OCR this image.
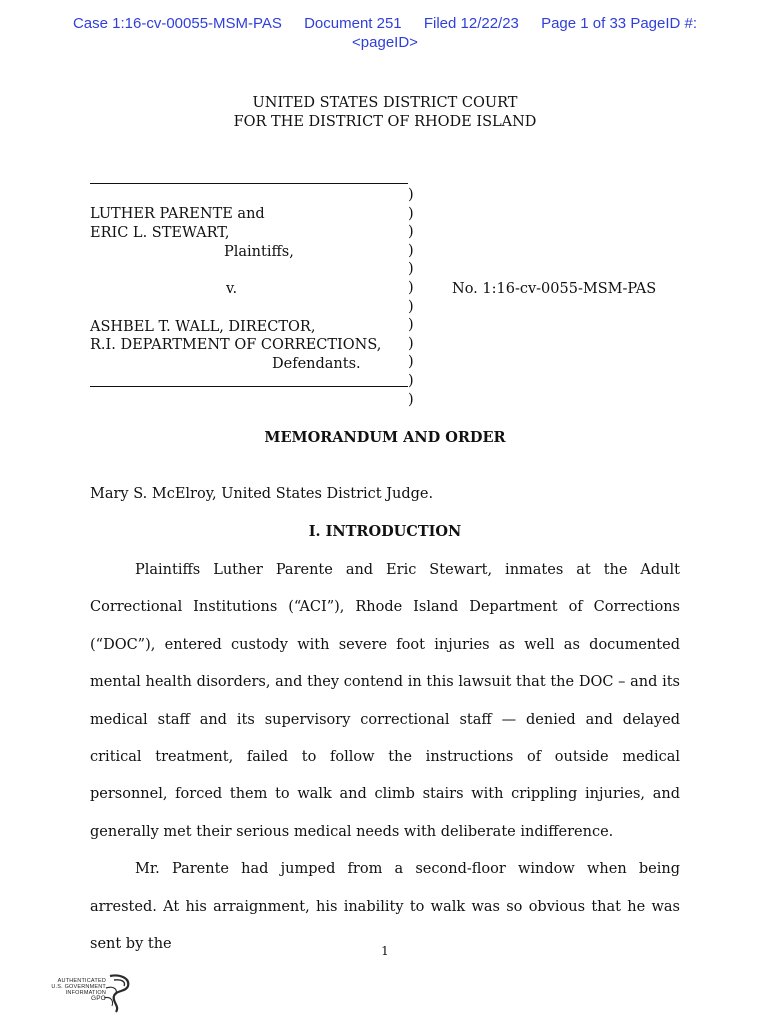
Case 1:16-cv-00055-MSM-PAS Document 251 Filed 12/22/23 Page 1 of 33 PageID #:
<pageID>
UNITED STATES DISTRICT COURT
FOR THE DISTRICT OF RHODE ISLAND
)
)
)
)
)
)
)
)
)
)
)
)
LUTHER PARENTE and
ERIC L. STEWART,
Plaintiffs,
v.	No. 1:16-cv-0055-MSM-PAS
ASHBEL T. WALL, DIRECTOR,
R.I. DEPARTMENT OF CORRECTIONS,
Defendants.
MEMORANDUM AND ORDER
Mary S. McElroy, United States District Judge.
I. INTRODUCTION

Plaintiffs Luther Parente and Eric Stewart, inmates at the Adult Correctional Institutions (“ACI”), Rhode Island Department of Corrections (“DOC”), entered custody with severe foot injuries as well as documented mental health disorders, and they contend in this lawsuit that the DOC – and its medical staff and its supervisory correctional staff — denied and delayed critical treatment, failed to follow the instructions of outside medical personnel, forced them to walk and climb stairs with crippling injuries, and generally met their serious medical needs with deliberate indifference.

Mr. Parente had jumped from a second-floor window when being arrested. At his arraignment, his inability to walk was so obvious that he was sent by the	1
AUTHENTICATED
U.S. GOVERNMENT
INFORMATION
GPO
